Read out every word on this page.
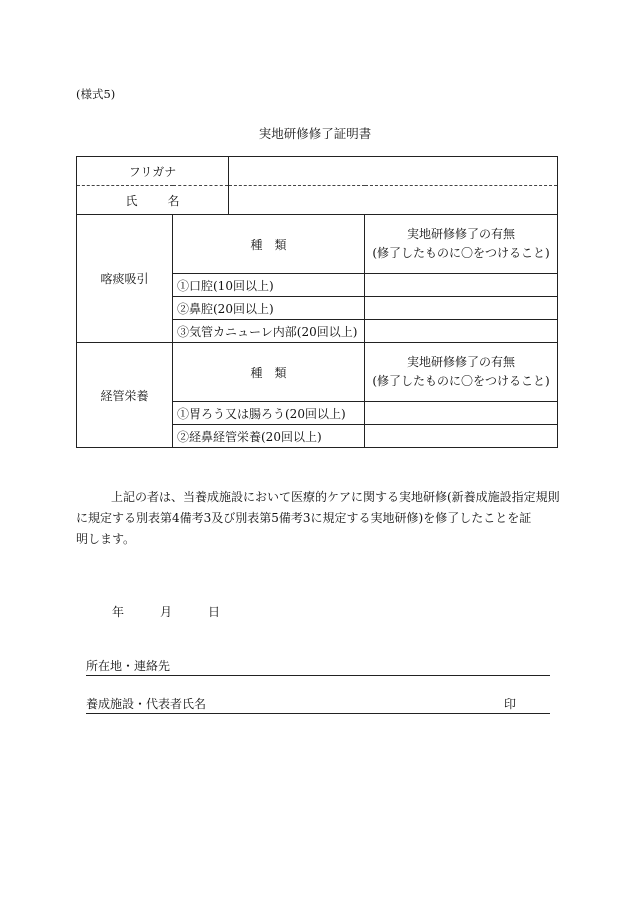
(様式5)
実地研修修了証明書
フリガナ			
氏 名			
喀痰吸引	種　類		実地研修修了の有無
(修了したものに〇をつけること)

	①口腔(10回以上)		
	②鼻腔(20回以上)		
	③気管カニューレ内部(20回以上)		
経管栄養	種　類		実地研修修了の有無
(修了したものに〇をつけること)

	①胃ろう又は腸ろう(20回以上)		
	②経鼻経管栄養(20回以上)		
上記の者は、当養成施設において医療的ケアに関する実地研修(新養成施設指定規則
に規定する別表第4備考3及び別表第5備考3に規定する実地研修)を修了したことを証
明します。
年	月	日
所在地・連絡先
養成施設・代表者氏名	印
